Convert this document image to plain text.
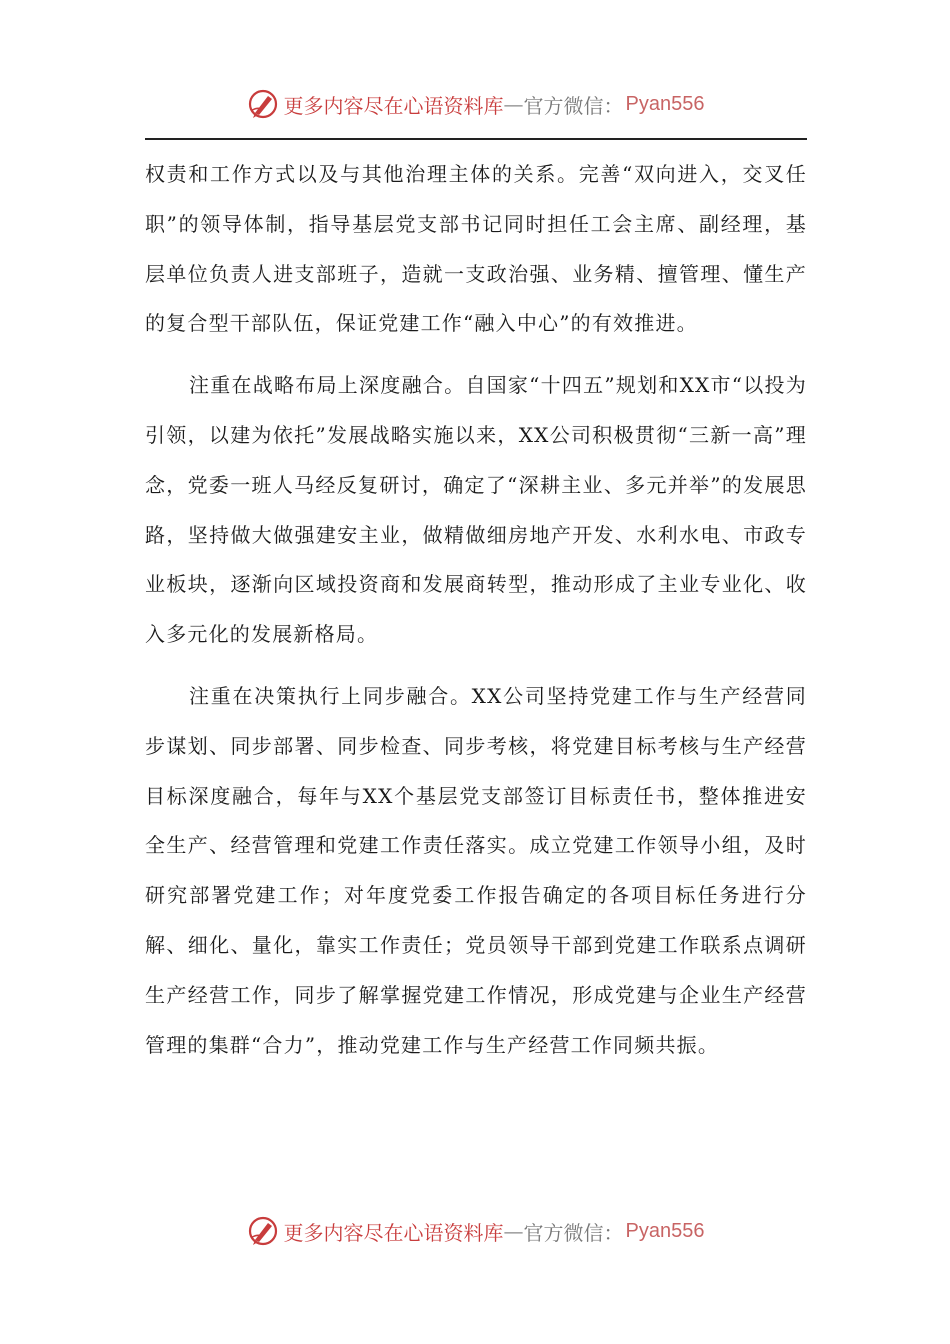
更多内容尽在心语资料库 — 官方微信： Pyan556

权责和工作方式以及与其他治理主体的关系。完善“双向进入，交叉任职”的领导体制，指导基层党支部书记同时担任工会主席、副经理，基层单位负责人进支部班子，造就一支政治强、业务精、擅管理、懂生产的复合型干部队伍，保证党建工作“融入中心”的有效推进。

注重在战略布局上深度融合。自国家“十四五”规划和XX市“以投为引领，以建为依托”发展战略实施以来，XX公司积极贯彻“三新一高”理念，党委一班人马经反复研讨，确定了“深耕主业、多元并举”的发展思路，坚持做大做强建安主业，做精做细房地产开发、水利水电、市政专业板块，逐渐向区域投资商和发展商转型，推动形成了主业专业化、收入多元化的发展新格局。

注重在决策执行上同步融合。XX公司坚持党建工作与生产经营同步谋划、同步部署、同步检查、同步考核，将党建目标考核与生产经营目标深度融合，每年与XX个基层党支部签订目标责任书，整体推进安全生产、经营管理和党建工作责任落实。成立党建工作领导小组，及时研究部署党建工作；对年度党委工作报告确定的各项目标任务进行分解、细化、量化，靠实工作责任；党员领导干部到党建工作联系点调研生产经营工作，同步了解掌握党建工作情况，形成党建与企业生产经营管理的集群“合力”，推动党建工作与生产经营工作同频共振。

更多内容尽在心语资料库 — 官方微信： Pyan556
